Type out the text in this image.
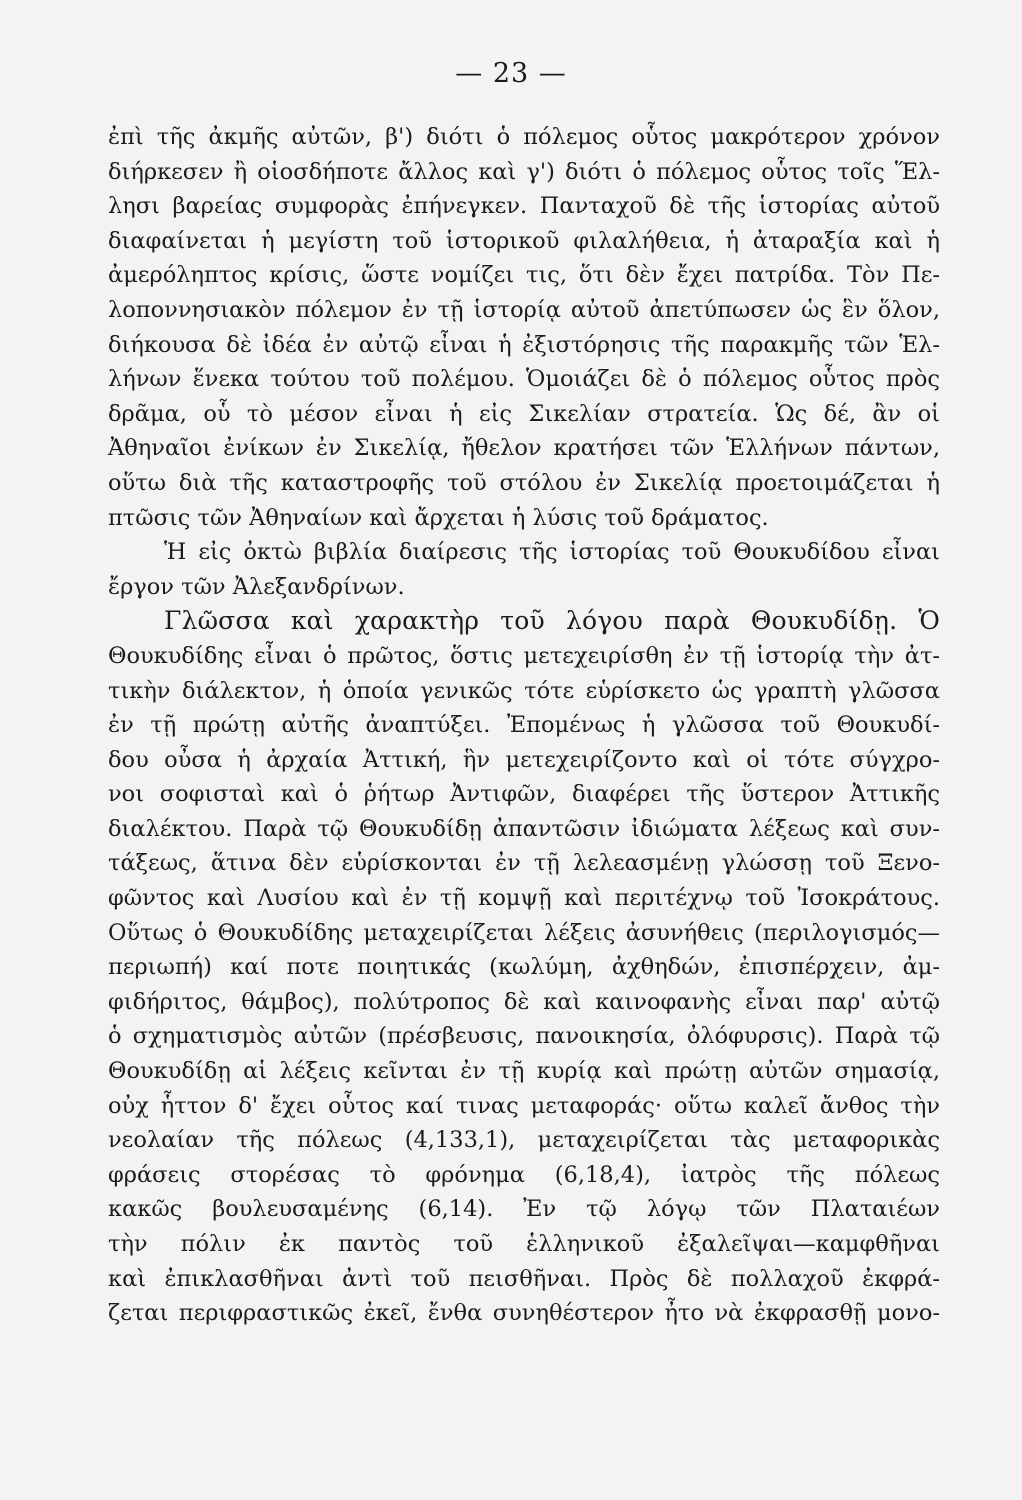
— 23 —
ἐπὶ τῆς ἀκμῆς αὐτῶν, β') διότι ὁ πόλεμος οὗτος μακρότερον χρόνον
διήρκεσεν ἢ οἱοσδήποτε ἄλλος καὶ γ') διότι ὁ πόλεμος οὗτος τοῖς Ἕλ-
λησι βαρείας συμφορὰς ἐπήνεγκεν. Πανταχοῦ δὲ τῆς ἱστορίας αὐτοῦ
διαφαίνεται ἡ μεγίστη τοῦ ἱστορικοῦ φιλαλήθεια, ἡ ἀταραξία καὶ ἡ
ἀμερόληπτος κρίσις, ὥστε νομίζει τις, ὅτι δὲν ἔχει πατρίδα. Τὸν Πε-
λοποννησιακὸν πόλεμον ἐν τῇ ἱστορίᾳ αὐτοῦ ἀπετύπωσεν ὡς ἓν ὅλον,
διήκουσα δὲ ἰδέα ἐν αὐτῷ εἶναι ἡ ἐξιστόρησις τῆς παρακμῆς τῶν Ἑλ-
λήνων ἕνεκα τούτου τοῦ πολέμου. Ὁμοιάζει δὲ ὁ πόλεμος οὗτος πρὸς
δρᾶμα, οὗ τὸ μέσον εἶναι ἡ εἰς Σικελίαν στρατεία. Ὡς δέ, ἂν οἱ
Ἀθηναῖοι ἐνίκων ἐν Σικελίᾳ, ἤθελον κρατήσει τῶν Ἑλλήνων πάντων,
οὕτω διὰ τῆς καταστροφῆς τοῦ στόλου ἐν Σικελίᾳ προετοιμάζεται ἡ
πτῶσις τῶν Ἀθηναίων καὶ ἄρχεται ἡ λύσις τοῦ δράματος.
Ἡ εἰς ὀκτὼ βιβλία διαίρεσις τῆς ἱστορίας τοῦ Θουκυδίδου εἶναι
ἔργον τῶν Ἀλεξανδρίνων.
Γλῶσσα καὶ χαρακτὴρ τοῦ λόγου παρὰ Θουκυδίδῃ. Ὁ
Θουκυδίδης εἶναι ὁ πρῶτος, ὅστις μετεχειρίσθη ἐν τῇ ἱστορίᾳ τὴν ἀτ-
τικὴν διάλεκτον, ἡ ὁποία γενικῶς τότε εὑρίσκετο ὡς γραπτὴ γλῶσσα
ἐν τῇ πρώτῃ αὐτῆς ἀναπτύξει. Ἐπομένως ἡ γλῶσσα τοῦ Θουκυδί-
δου οὖσα ἡ ἀρχαία Ἀττική, ἣν μετεχειρίζοντο καὶ οἱ τότε σύγχρο-
νοι σοφισταὶ καὶ ὁ ῥήτωρ Ἀντιφῶν, διαφέρει τῆς ὕστερον Ἀττικῆς
διαλέκτου. Παρὰ τῷ Θουκυδίδῃ ἀπαντῶσιν ἰδιώματα λέξεως καὶ συν-
τάξεως, ἅτινα δὲν εὑρίσκονται ἐν τῇ λελεασμένῃ γλώσσῃ τοῦ Ξενο-
φῶντος καὶ Λυσίου καὶ ἐν τῇ κομψῇ καὶ περιτέχνῳ τοῦ Ἰσοκράτους.
Οὕτως ὁ Θουκυδίδης μεταχειρίζεται λέξεις ἀσυνήθεις (περιλογισμός—
περιωπή) καί ποτε ποιητικάς (κωλύμη, ἀχθηδών, ἐπισπέρχειν, ἀμ-
φιδήριτος, θάμβος), πολύτροπος δὲ καὶ καινοφανὴς εἶναι παρ' αὐτῷ
ὁ σχηματισμὸς αὐτῶν (πρέσβευσις, πανοικησία, ὀλόφυρσις). Παρὰ τῷ
Θουκυδίδῃ αἱ λέξεις κεῖνται ἐν τῇ κυρίᾳ καὶ πρώτῃ αὐτῶν σημασίᾳ,
οὐχ ἧττον δ' ἔχει οὗτος καί τινας μεταφοράς· οὕτω καλεῖ ἄνθος τὴν
νεολαίαν τῆς πόλεως (4,133,1), μεταχειρίζεται τὰς μεταφορικὰς
φράσεις στορέσας τὸ φρόνημα (6,18,4), ἰατρὸς τῆς πόλεως
κακῶς βουλευσαμένης (6,14). Ἐν τῷ λόγῳ τῶν Πλαταιέων
τὴν πόλιν ἐκ παντὸς τοῦ ἑλληνικοῦ ἐξαλεῖψαι—καμφθῆναι
καὶ ἐπικλασθῆναι ἀντὶ τοῦ πεισθῆναι. Πρὸς δὲ πολλαχοῦ ἐκφρά-
ζεται περιφραστικῶς ἐκεῖ, ἔνθα συνηθέστερον ἦτο νὰ ἐκφρασθῇ μονο-
